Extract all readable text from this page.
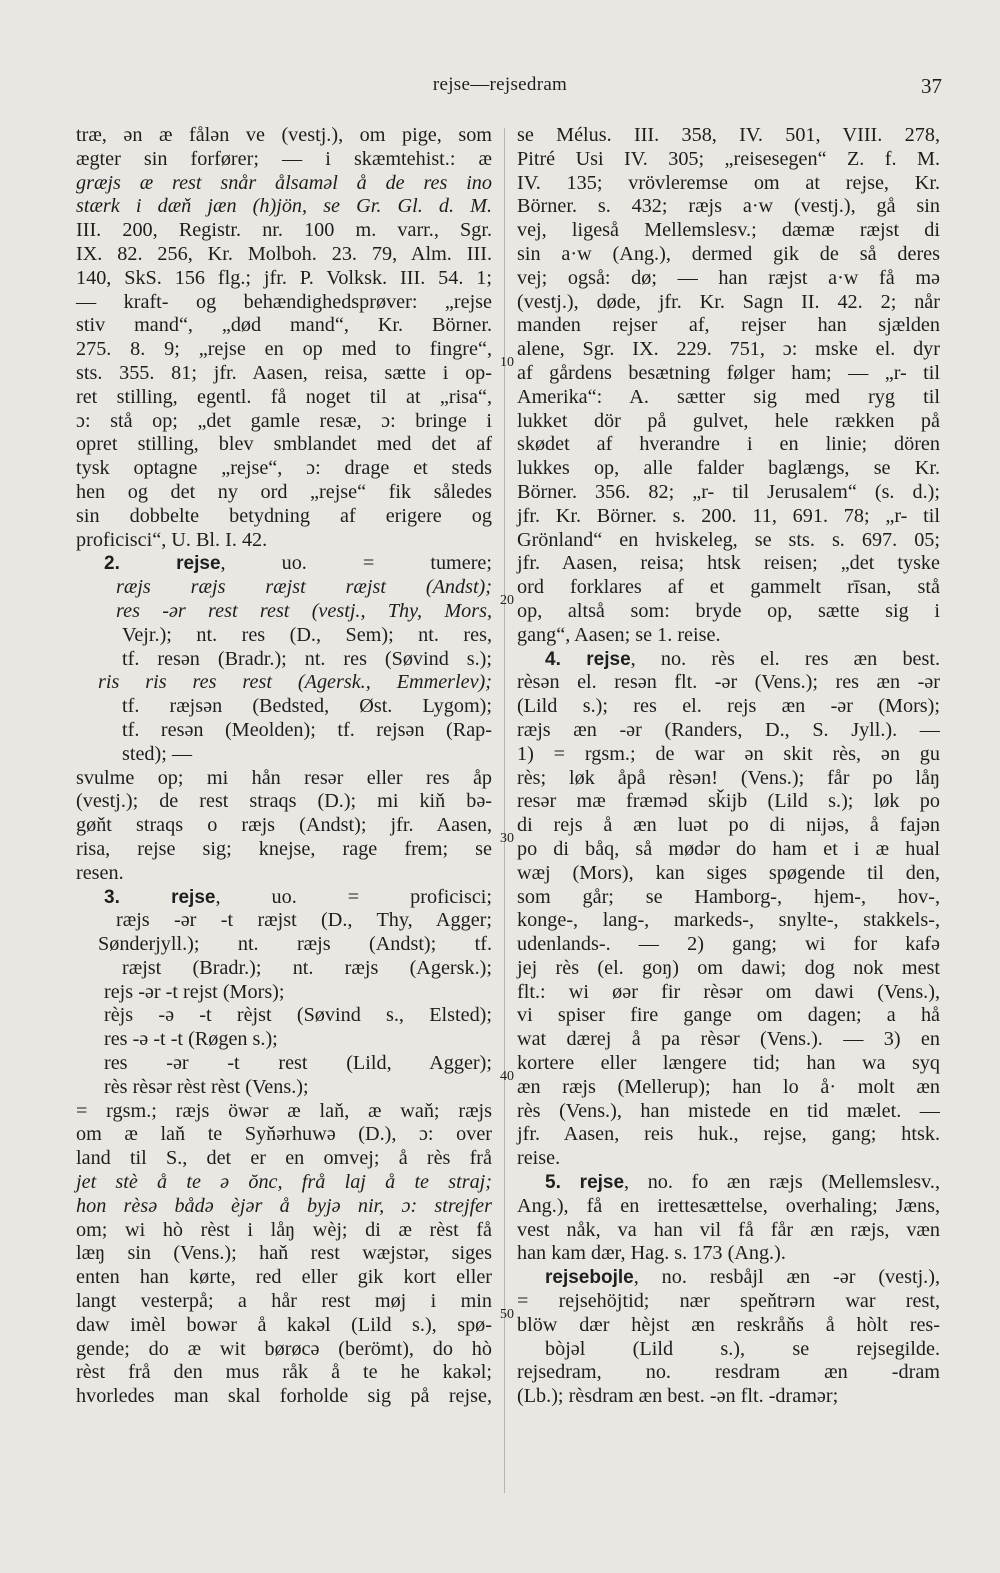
rejse—rejsedram	37
10
20
30
40
50
træ, ən æ fålən ve (vestj.), om pige, som
ægter sin forfører; — i skæmtehist.: æ
græjs æ rest snår ålsaməl å de res ino
stærk i dæň jæn (h)jön, se Gr. Gl. d. M.
III. 200, Registr. nr. 100 m. varr., Sgr.
IX. 82. 256, Kr. Molboh. 23. 79, Alm. III.
140, SkS. 156 flg.; jfr. P. Volksk. III. 54. 1;
— kraft- og behændighedsprøver: „rejse
stiv mand“, „død mand“, Kr. Börner.
275. 8. 9; „rejse en op med to fingre“,
sts. 355. 81; jfr. Aasen, reisa, sætte i op-
ret stilling, egentl. få noget til at „risa“,
ɔ: stå op; „det gamle resæ, ɔ: bringe i
opret stilling, blev smblandet med det af
tysk optagne „rejse“, ɔ: drage et steds
hen og det ny ord „rejse“ fik således
sin dobbelte betydning af erigere og
proficisci“, U. Bl. I. 42.
2. rejse, uo. = tumere;
ræjs ræjs ræjst ræjst (Andst);
res -ər rest rest (vestj., Thy, Mors,
Vejr.); nt. res (D., Sem); nt. res,
tf. resən (Bradr.); nt. res (Søvind s.);
ris ris res rest (Agersk., Emmerlev);
tf. ræjsən (Bedsted, Øst. Lygom);
tf. resən (Meolden); tf. rejsən (Rap-
sted); —
svulme op; mi hån resər eller res åp
(vestj.); de rest straqs (D.); mi kiň bə-
gøňt straqs o ræjs (Andst); jfr. Aasen,
risa, rejse sig; knejse, rage frem; se
resen.
3. rejse, uo. = proficisci;
ræjs -ər -t ræjst (D., Thy, Agger;
Sønderjyll.); nt. ræjs (Andst); tf.
ræjst (Bradr.); nt. ræjs (Agersk.);
rejs -ər -t rejst (Mors);
rèjs -ə -t rèjst (Søvind s., Elsted);
res -ə -t -t (Røgen s.);
res -ər -t rest (Lild, Agger);
rès rèsər rèst rèst (Vens.);
= rgsm.; ræjs öwər æ laň, æ waň; ræjs
om æ laň te Syňərhuwə (D.), ɔ: over
land til S., det er en omvej; å rès frå
jet stè å te ə ŏnc, frå laj å te straj;
hon rèsə bådə èjər å byjə nir, ɔ: strejfer
om; wi hò rèst i låŋ wèj; di æ rèst få
læŋ sin (Vens.); haň rest wæjstər, siges
enten han kørte, red eller gik kort eller
langt vesterpå; a hår rest møj i min
daw imèl bowər å kakəl (Lild s.), spø-
gende; do æ wit børøcə (berömt), do hò
rèst frå den mus råk å te he kakəl;
hvorledes man skal forholde sig på rejse,
se Mélus. III. 358, IV. 501, VIII. 278,
Pitré Usi IV. 305; „reisesegen“ Z. f. M.
IV. 135; vrövleremse om at rejse, Kr.
Börner. s. 432; ræjs a·w (vestj.), gå sin
vej, ligeså Mellemslesv.; dæmæ ræjst di
sin a·w (Ang.), dermed gik de så deres
vej; også: dø; — han ræjst a·w få mə
(vestj.), døde, jfr. Kr. Sagn II. 42. 2; når
manden rejser af, rejser han sjælden
alene, Sgr. IX. 229. 751, ɔ: mske el. dyr
af gårdens besætning følger ham; — „r- til
Amerika“: A. sætter sig med ryg til
lukket dör på gulvet, hele rækken på
skødet af hverandre i en linie; dören
lukkes op, alle falder baglængs, se Kr.
Börner. 356. 82; „r- til Jerusalem“ (s. d.);
jfr. Kr. Börner. s. 200. 11, 691. 78; „r- til
Grönland“ en hviskeleg, se sts. s. 697. 05;
jfr. Aasen, reisa; htsk reisen; „det tyske
ord forklares af et gammelt rīsan, stå
op, altså som: bryde op, sætte sig i
gang“, Aasen; se 1. reise.
4. rejse, no. rès el. res æn best.
rèsən el. resən flt. -ər (Vens.); res æn -ər
(Lild s.); res el. rejs æn -ər (Mors);
ræjs æn -ər (Randers, D., S. Jyll.). —
1) = rgsm.; de war ən skit rès, ən gu
rès; løk åpå rèsən! (Vens.); får po låŋ
resər mæ fræməd sǩijb (Lild s.); løk po
di rejs å æn luət po di nijəs, å fajən
po di båq, så mødər do ham et i æ hual
wæj (Mors), kan siges spøgende til den,
som går; se Hamborg-, hjem-, hov-,
konge-, lang-, markeds-, snylte-, stakkels-,
udenlands-. — 2) gang; wi for kafə
jej rès (el. goŋ) om dawi; dog nok mest
flt.: wi øər fir rèsər om dawi (Vens.),
vi spiser fire gange om dagen; a hå
wat dærej å pa rèsər (Vens.). — 3) en
kortere eller længere tid; han wa syq
æn ræjs (Mellerup); han lo å· molt æn
rès (Vens.), han mistede en tid mælet. —
jfr. Aasen, reis huk., rejse, gang; htsk.
reise.
5. rejse, no. fo æn ræjs (Mellemslesv.,
Ang.), få en irettesættelse, overhaling; Jæns,
vest nåk, va han vil få får æn ræjs, væn
han kam dær, Hag. s. 173 (Ang.).
rejsebojle, no. resbåjl æn -ər (vestj.),
= rejsehöjtid; nær speňtrərn war rest,
blöw dær hèjst æn reskråňs å hòlt res-
bòjəl (Lild s.), se rejsegilde.
rejsedram, no. resdram æn -dram
(Lb.); rèsdram æn best. -ən flt. -dramər;
